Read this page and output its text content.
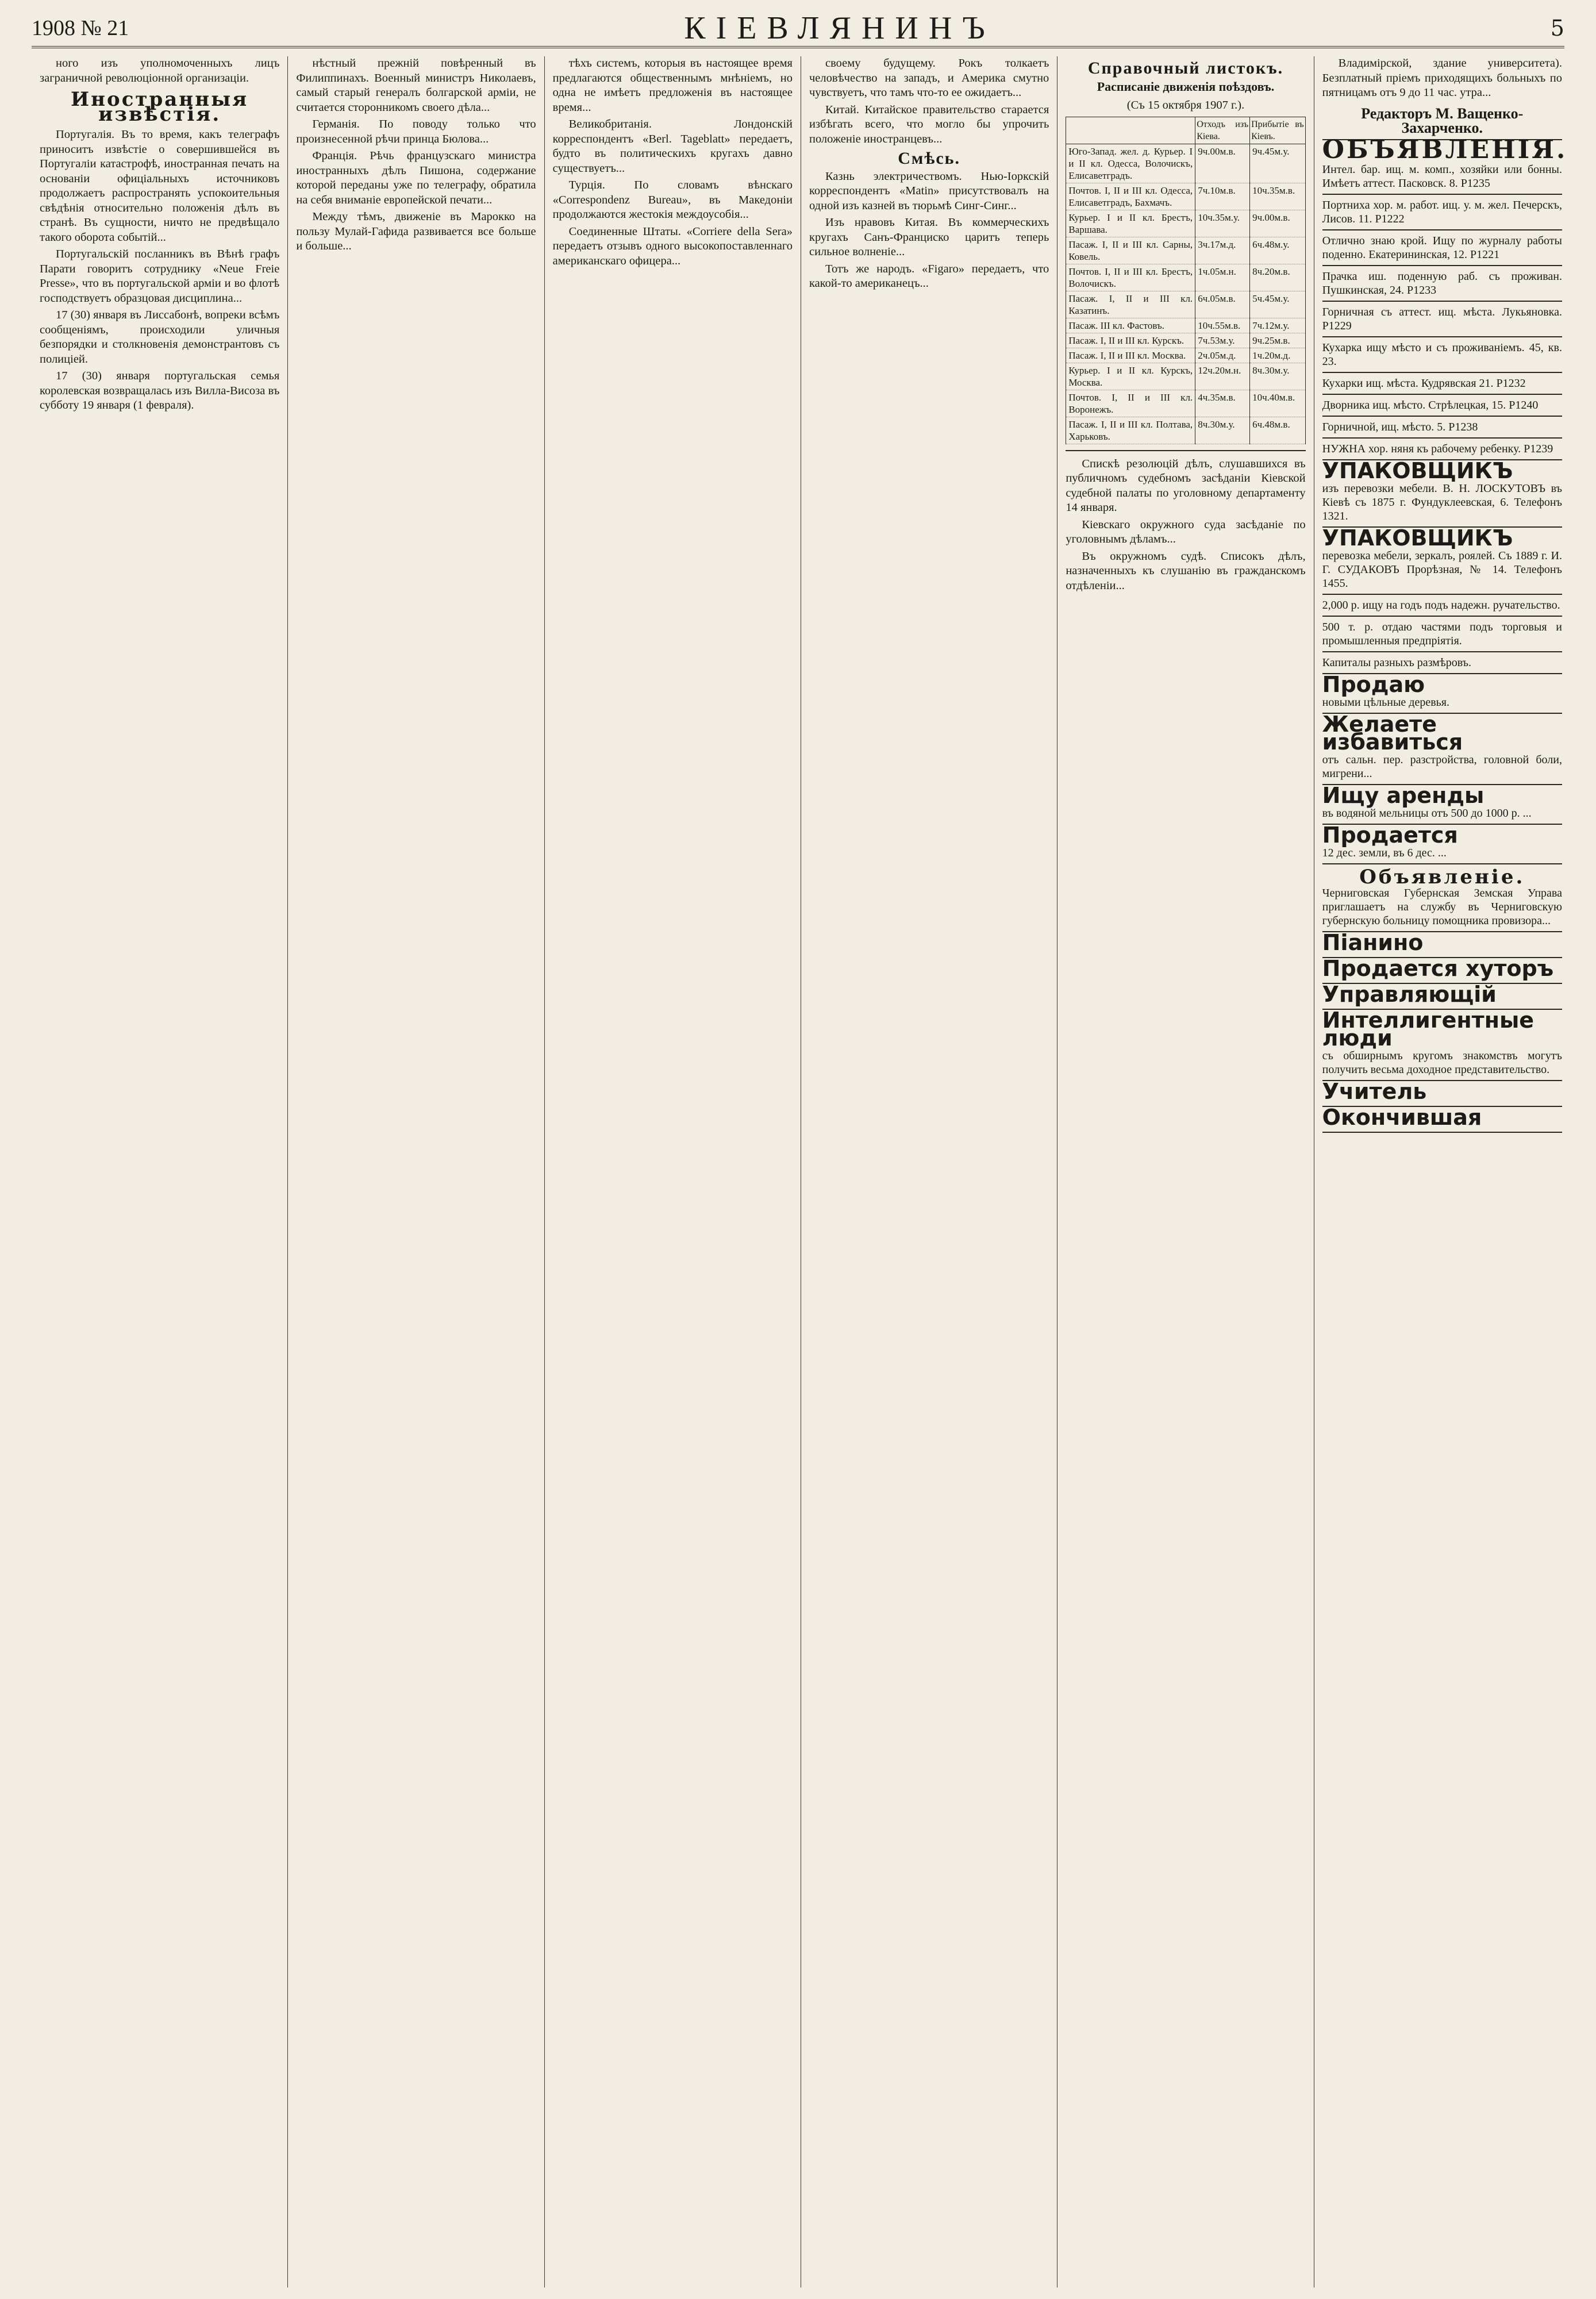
1908 № 21	КІЕВЛЯНИНЪ	5

ного изъ уполномоченныхъ лицъ заграничной революціонной организаціи.

Иностранныя извѣстія.

Португалія. Въ то время, какъ телеграфъ приноситъ извѣстіе о совершившейся въ Португаліи катастрофѣ, иностранная печать на основаніи офиціальныхъ источниковъ продолжаетъ распространять успокоительныя свѣдѣнія относительно положенія дѣлъ въ странѣ. Въ сущности, ничто не предвѣщало такого оборота событій...

Португальскій посланникъ въ Вѣнѣ графъ Парати говоритъ сотруднику «Neue Freie Presse», что въ португальской арміи и во флотѣ господствуетъ образцовая дисциплина...

17 (30) января въ Лиссабонѣ, вопреки всѣмъ сообщеніямъ, происходили уличныя безпорядки и столкновенія демонстрантовъ съ полиціей.

17 (30) января португальская семья королевская возвращалась изъ Вилла-Висоза въ субботу 19 января (1 февраля).

нѣстный прежній повѣренный въ Филиппинахъ. Военный министръ Николаевъ, самый старый генералъ болгарской арміи, не считается сторонникомъ своего дѣла...

Германія. По поводу только что произнесенной рѣчи принца Бюлова...

Франція. Рѣчь французскаго министра иностранныхъ дѣлъ Пишона, содержание которой переданы уже по телеграфу, обратила на себя вниманіе европейской печати...

Между тѣмъ, движеніе въ Марокко на пользу Мулай-Гафида развивается все больше и больше...

тѣхъ системъ, которыя въ настоящее время предлагаются общественнымъ мнѣніемъ, но одна не имѣетъ предложенія въ настоящее время...

Великобританія. Лондонскій корреспондентъ «Berl. Tageblatt» передаетъ, будто въ политическихъ кругахъ давно существуетъ...

Турція. По словамъ вѣнскаго «Correspondenz Bureau», въ Македоніи продолжаются жестокія междоусобія...

Соединенные Штаты. «Corriere della Sera» передаетъ отзывъ одного высокопоставленнаго американскаго офицера...

своему будущему. Рокъ толкаетъ человѣчество на западъ, и Америка смутно чувствуетъ, что тамъ что-то ее ожидаетъ...

Китай. Китайское правительство старается избѣгать всего, что могло бы упрочить положеніе иностранцевъ...

Смѣсь.

Казнь электричествомъ. Нью-Іоркскій корреспондентъ «Matin» присутствовалъ на одной изъ казней въ тюрьмѣ Синг-Синг...

Изъ нравовъ Китая. Въ коммерческихъ кругахъ Санъ-Франциско царитъ теперь сильное волненіе...

Тотъ же народъ. «Figaro» передаетъ, что какой-то американецъ...

Справочный листокъ.
Расписаніе движенія поѣздовъ.
(Съ 15 октября 1907 г.).
	Отходъ изъ Кіева.	Прибытіе въ Кіевъ.
Юго-Запад. жел. д. Курьер. I и II кл. Одесса, Волочискъ, Елисаветградъ.	9ч.00м.в.	9ч.45м.у.
Почтов. I, II и III кл. Одесса, Елисаветградъ, Бахмачъ.	7ч.10м.в.	10ч.35м.в.
Курьер. I и II кл. Брестъ, Варшава.	10ч.35м.у.	9ч.00м.в.
Пасаж. I, II и III кл. Сарны, Ковель.	3ч.17м.д.	6ч.48м.у.
Почтов. I, II и III кл. Брестъ, Волочискъ.	1ч.05м.н.	8ч.20м.в.
Пасаж. I, II и III кл. Казатинъ.	6ч.05м.в.	5ч.45м.у.
Пасаж. III кл. Фастовъ.	10ч.55м.в.	7ч.12м.у.
Пасаж. I, II и III кл. Курскъ.	7ч.53м.у.	9ч.25м.в.
Пасаж. I, II и III кл. Москва.	2ч.05м.д.	1ч.20м.д.
Курьер. I и II кл. Курскъ, Москва.	12ч.20м.н.	8ч.30м.у.
Почтов. I, II и III кл. Воронежъ.	4ч.35м.в.	10ч.40м.в.
Пасаж. I, II и III кл. Полтава, Харьковъ.	8ч.30м.у.	6ч.48м.в.

Спискѣ резолюцій дѣлъ, слушавшихся въ публичномъ судебномъ засѣданіи Кіевской судебной палаты по уголовному департаменту 14 января.

Кіевскаго окружного суда засѣданіе по уголовнымъ дѣламъ...

Въ окружномъ судѣ. Списокъ дѣлъ, назначенныхъ къ слушанію въ гражданскомъ отдѣленіи...

Владимірской, здание университета). Безплатный пріемъ приходящихъ больныхъ по пятницамъ отъ 9 до 11 час. утра...

Редакторъ М. Ващенко-Захарченко.
ОБЪЯВЛЕНІЯ.
Интел. бар. ищ. м. комп., хозяйки или бонны. Имѣетъ аттест. Пасковск. 8. Р1235
Портниха хор. м. работ. ищ. у. м. жел. Печерскъ, Лисов. 11. Р1222
Отлично знаю крой. Ищу по журналу работы поденно. Екатерининская, 12. Р1221
Прачка иш. поденную раб. съ проживан. Пушкинская, 24. Р1233
Горничная съ аттест. ищ. мѣста. Лукьяновка. Р1229
Кухарка ищу мѣсто и съ проживаніемъ. 45, кв. 23.
Кухарки ищ. мѣста. Кудрявская 21. Р1232
Дворника ищ. мѣсто. Стрѣлецкая, 15. Р1240
Горничной, ищ. мѣсто. 5. Р1238
НУЖНА хор. няня къ рабочему ребенку. Р1239
УПАКОВЩИКЪ
изъ перевозки мебели. В. Н. ЛОСКУТОВЪ въ Кіевѣ съ 1875 г. Фундуклеевская, 6. Телефонъ 1321.
УПАКОВЩИКЪ
перевозка мебели, зеркалъ, роялей. Съ 1889 г. И. Г. СУДАКОВЪ Прорѣзная, № 14. Телефонъ 1455.
2,000 р. ищу на годъ подъ надежн. ручательство.
500 т. р. отдаю частями подъ торговыя и промышленныя предпріятія.
Капиталы разныхъ размѣровъ.
Продаю
новыми цѣльные деревья.
Желаете избавиться
отъ сальн. пер. разстройства, головной боли, мигрени...
Ищу аренды
въ водяной мельницы отъ 500 до 1000 р. ...
Продается
12 дес. земли, въ 6 дес. ...
Объявленіе.
Черниговская Губернская Земская Управа приглашаетъ на службу въ Черниговскую губернскую больницу помощника провизора...
Піанино
Продается хуторъ
Управляющій
Интеллигентные люди
съ обширнымъ кругомъ знакомствъ могутъ получить весьма доходное представительство.
Учитель
Окончившая
